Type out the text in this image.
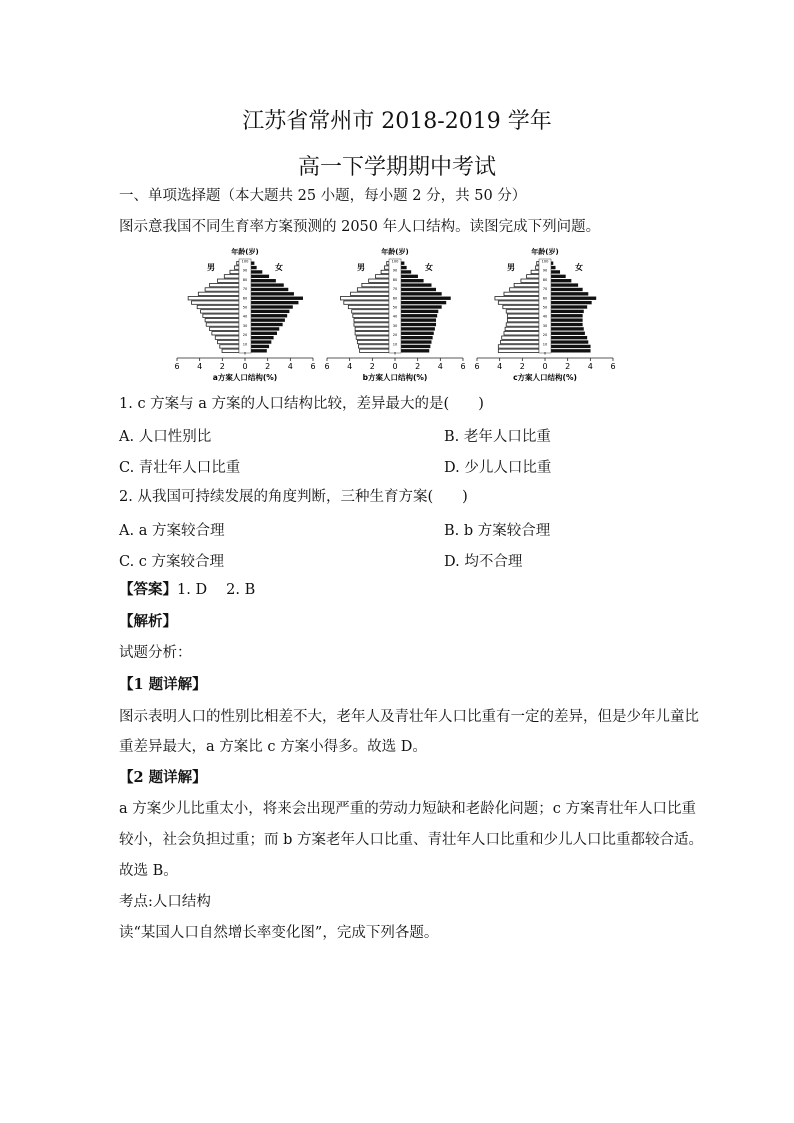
江苏省常州市 2018-2019 学年
高一下学期期中考试
一、单项选择题（本大题共 25 小题，每小题 2 分，共 50 分）
图示意我国不同生育率方案预测的 2050 年人口结构。读图完成下列问题。
年龄(岁)
男	女
100
90
80
70
60
50
40
30
20
10
0
6 4 2 0 2 4 6
a方案人口结构(%)
年龄(岁)
男	女
100
90
80
70
60
50
40
30
20
10
0
6 4 2 0 2 4 6
b方案人口结构(%)
年龄(岁)
男	女
100
90
80
70
60
50
40
30
20
10
0
6 4 2 0 2 4 6
c方案人口结构(%)
1. c 方案与 a 方案的人口结构比较，差异最大的是(　　)
A. 人口性别比	B. 老年人口比重
C. 青壮年人口比重	D. 少儿人口比重
2. 从我国可持续发展的角度判断，三种生育方案(　　)
A. a 方案较合理	B. b 方案较合理
C. c 方案较合理	D. 均不合理
【答案】1. D　 2. B
【解析】
试题分析：
【1 题详解】
图示表明人口的性别比相差不大，老年人及青壮年人口比重有一定的差异，但是少年儿童比
重差异最大，a 方案比 c 方案小得多。故选 D。
【2 题详解】
a 方案少儿比重太小，将来会出现严重的劳动力短缺和老龄化问题；c 方案青壮年人口比重
较小，社会负担过重；而 b 方案老年人口比重、青壮年人口比重和少儿人口比重都较合适。
故选 B。
考点:人口结构
读“某国人口自然增长率变化图”，完成下列各题。
